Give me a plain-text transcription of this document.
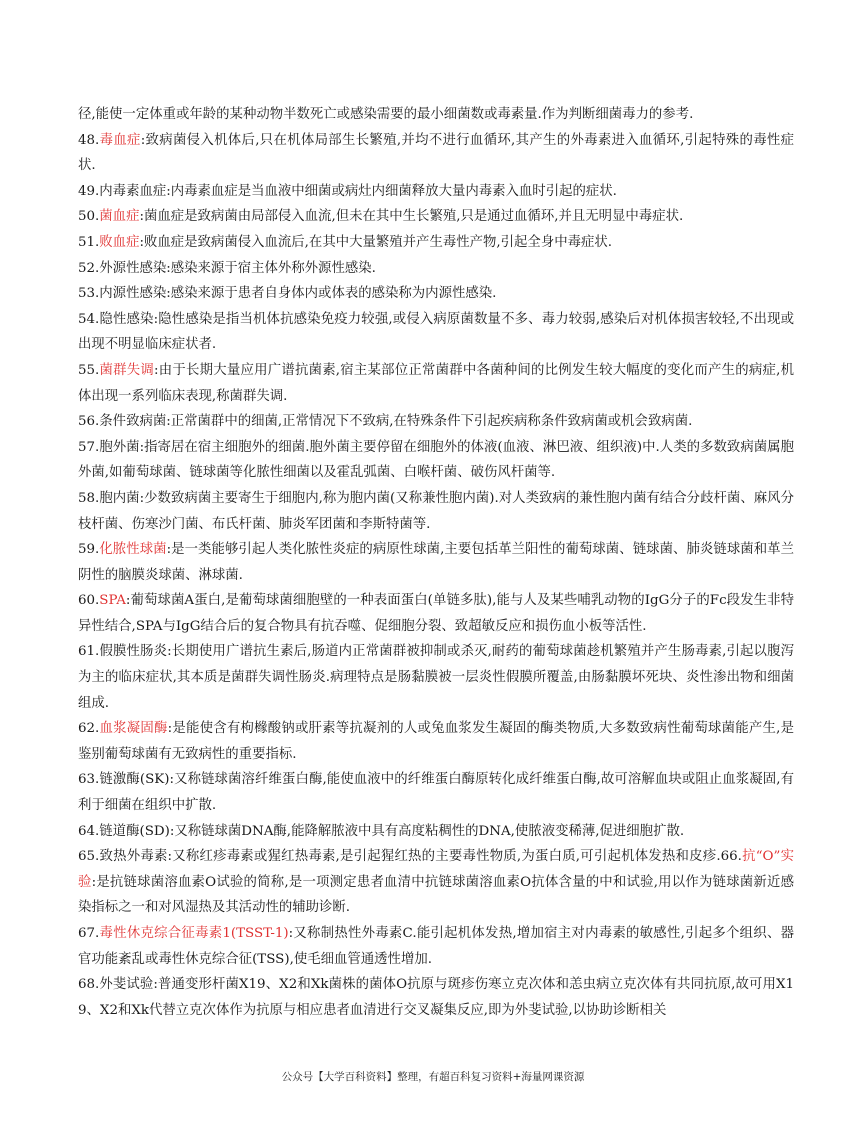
径,能使一定体重或年龄的某种动物半数死亡或感染需要的最小细菌数或毒素量.作为判断细菌毒力的参考.

48.毒血症:致病菌侵入机体后,只在机体局部生长繁殖,并均不进行血循环,其产生的外毒素进入血循环,引起特殊的毒性症状.

49.内毒素血症:内毒素血症是当血液中细菌或病灶内细菌释放大量内毒素入血时引起的症状.

50.菌血症:菌血症是致病菌由局部侵入血流,但未在其中生长繁殖,只是通过血循环,并且无明显中毒症状.

51.败血症:败血症是致病菌侵入血流后,在其中大量繁殖并产生毒性产物,引起全身中毒症状.

52.外源性感染:感染来源于宿主体外称外源性感染.

53.内源性感染:感染来源于患者自身体内或体表的感染称为内源性感染.

54.隐性感染:隐性感染是指当机体抗感染免疫力较强,或侵入病原菌数量不多、毒力较弱,感染后对机体损害较轻,不出现或出现不明显临床症状者.

55.菌群失调:由于长期大量应用广谱抗菌素,宿主某部位正常菌群中各菌种间的比例发生较大幅度的变化而产生的病症,机体出现一系列临床表现,称菌群失调.

56.条件致病菌:正常菌群中的细菌,正常情况下不致病,在特殊条件下引起疾病称条件致病菌或机会致病菌.

57.胞外菌:指寄居在宿主细胞外的细菌.胞外菌主要停留在细胞外的体液(血液、淋巴液、组织液)中.人类的多数致病菌属胞外菌,如葡萄球菌、链球菌等化脓性细菌以及霍乱弧菌、白喉杆菌、破伤风杆菌等.

58.胞内菌:少数致病菌主要寄生于细胞内,称为胞内菌(又称兼性胞内菌).对人类致病的兼性胞内菌有结合分歧杆菌、麻风分枝杆菌、伤寒沙门菌、布氏杆菌、肺炎军团菌和李斯特菌等.

59.化脓性球菌:是一类能够引起人类化脓性炎症的病原性球菌,主要包括革兰阳性的葡萄球菌、链球菌、肺炎链球菌和革兰阴性的脑膜炎球菌、淋球菌.

60.SPA:葡萄球菌A蛋白,是葡萄球菌细胞壁的一种表面蛋白(单链多肽),能与人及某些哺乳动物的IgG分子的Fc段发生非特异性结合,SPA与IgG结合后的复合物具有抗吞噬、促细胞分裂、致超敏反应和损伤血小板等活性.

61.假膜性肠炎:长期使用广谱抗生素后,肠道内正常菌群被抑制或杀灭,耐药的葡萄球菌趁机繁殖并产生肠毒素,引起以腹泻为主的临床症状,其本质是菌群失调性肠炎.病理特点是肠黏膜被一层炎性假膜所覆盖,由肠黏膜坏死块、炎性渗出物和细菌组成.

62.血浆凝固酶:是能使含有枸橼酸钠或肝素等抗凝剂的人或兔血浆发生凝固的酶类物质,大多数致病性葡萄球菌能产生,是鉴别葡萄球菌有无致病性的重要指标.

63.链激酶(SK):又称链球菌溶纤维蛋白酶,能使血液中的纤维蛋白酶原转化成纤维蛋白酶,故可溶解血块或阻止血浆凝固,有利于细菌在组织中扩散.

64.链道酶(SD):又称链球菌DNA酶,能降解脓液中具有高度粘稠性的DNA,使脓液变稀薄,促进细胞扩散.

65.致热外毒素:又称红疹毒素或猩红热毒素,是引起猩红热的主要毒性物质,为蛋白质,可引起机体发热和皮疹.66.抗“O”实验:是抗链球菌溶血素O试验的简称,是一项测定患者血清中抗链球菌溶血素O抗体含量的中和试验,用以作为链球菌新近感染指标之一和对风湿热及其活动性的辅助诊断.

67.毒性休克综合征毒素1(TSST-1):又称制热性外毒素C.能引起机体发热,增加宿主对内毒素的敏感性,引起多个组织、器官功能紊乱或毒性休克综合征(TSS),使毛细血管通透性增加.

68.外斐试验:普通变形杆菌X19、X2和Xk菌株的菌体O抗原与斑疹伤寒立克次体和恙虫病立克次体有共同抗原,故可用X19、X2和Xk代替立克次体作为抗原与相应患者血清进行交叉凝集反应,即为外斐试验,以协助诊断相关

公众号【大学百科资料】整理，有超百科复习资料+海量网课资源
